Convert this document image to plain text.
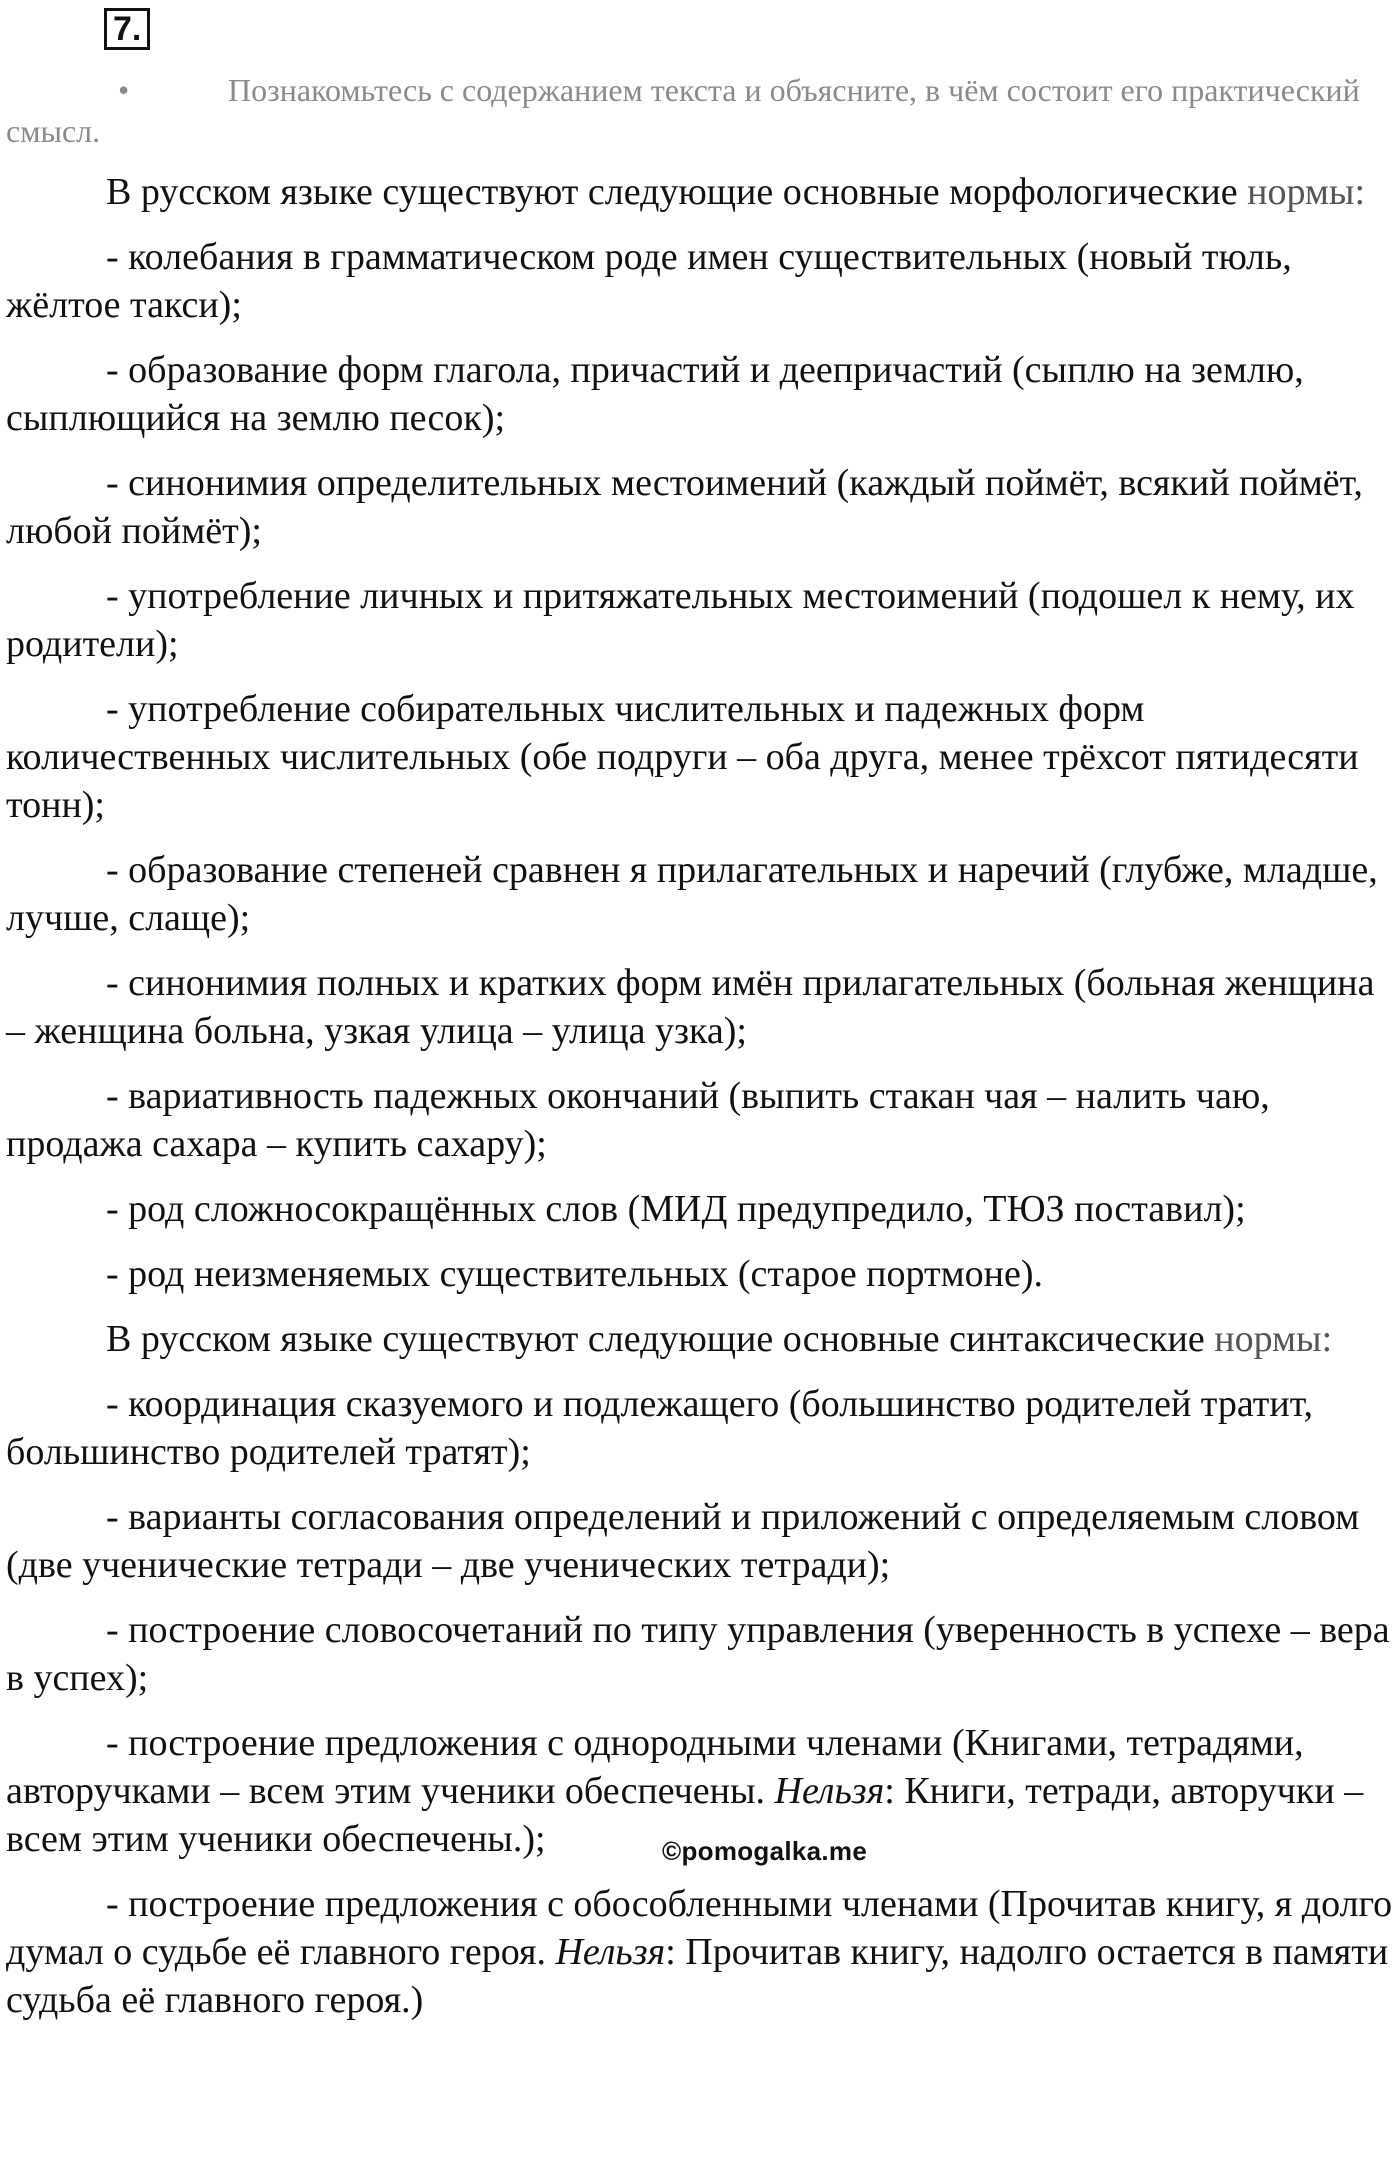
7.
•	Познакомьтесь с содержанием текста и объясните, в чём состоит его практический смысл.

В русском языке существуют следующие основные морфологические нормы:

- колебания в грамматическом роде имен существительных (новый тюль, жёлтое такси);

- образование форм глагола, причастий и деепричастий (сыплю на землю, сыплющийся на землю песок);

- синонимия определительных местоимений (каждый поймёт, всякий поймёт, любой поймёт);

- употребление личных и притяжательных местоимений (подошел к нему, их родители);

- употребление собирательных числительных и падежных форм количественных числительных (обе подруги – оба друга, менее трёхсот пятидесяти тонн);

- образование степеней сравнен я прилагательных и наречий (глубже, младше, лучше, слаще);

- синонимия полных и кратких форм имён прилагательных (больная женщина – женщина больна, узкая улица – улица узка);

- вариативность падежных окончаний (выпить стакан чая – налить чаю, продажа сахара – купить сахару);

- род сложносокращённых слов (МИД предупредило, ТЮЗ поставил);

- род неизменяемых существительных (старое портмоне).

В русском языке существуют следующие основные синтаксические нормы:

- координация сказуемого и подлежащего (большинство родителей тратит, большинство родителей тратят);

- варианты согласования определений и приложений с определяемым словом (две ученические тетради – две ученических тетради);

- построение словосочетаний по типу управления (уверенность в успехе – вера в успех);

- построение предложения с однородными членами (Книгами, тетрадями, авторучками – всем этим ученики обеспечены. Нельзя: Книги, тетради, авторучки – всем этим ученики обеспечены.);

- построение предложения с обособленными членами (Прочитав книгу, я долго думал о судьбе её главного героя. Нельзя: Прочитав книгу, надолго остается в памяти судьба её главного героя.)

©pomogalka.me
